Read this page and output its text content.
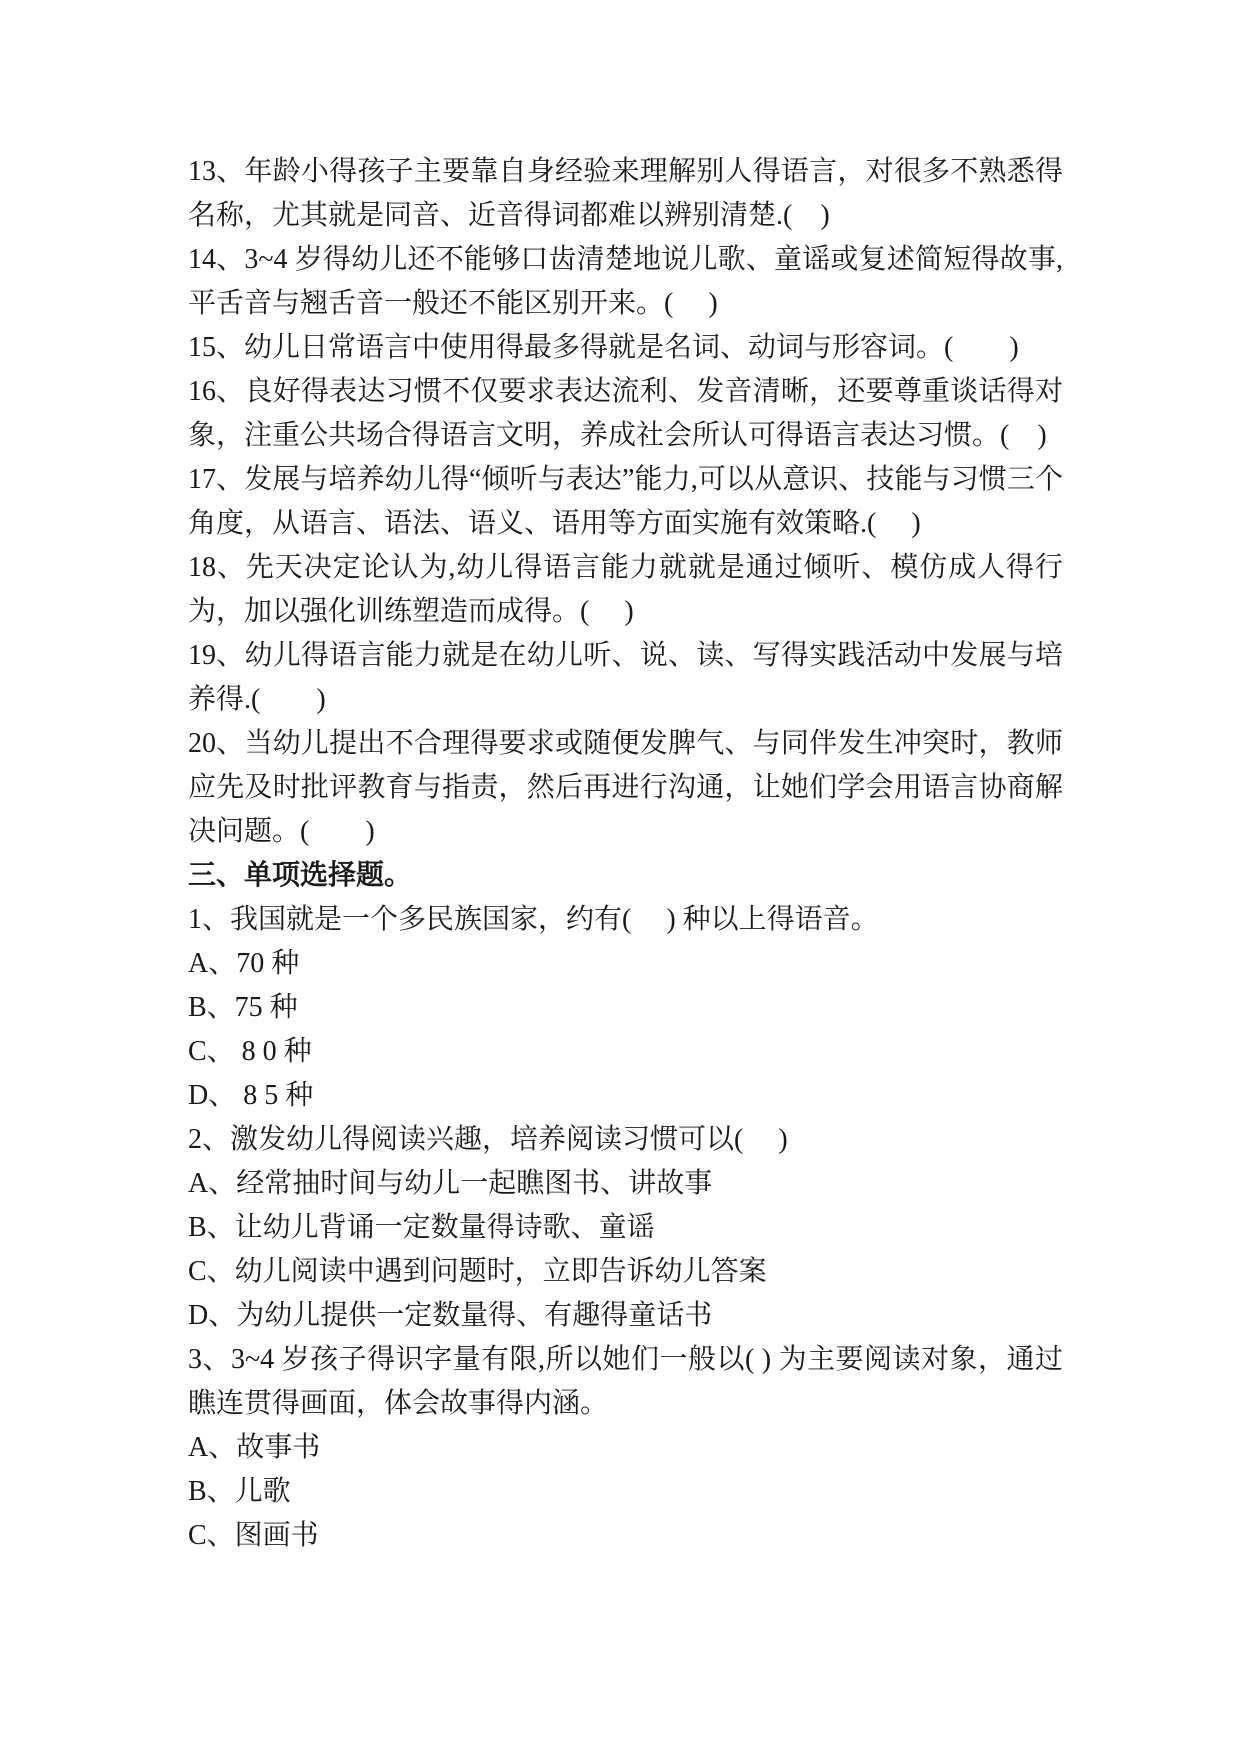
13、年龄小得孩子主要靠自身经验来理解别人得语言，对很多不熟悉得名称，尤其就是同音、近音得词都难以辨别清楚.(　)

14、3~4 岁得幼儿还不能够口齿清楚地说儿歌、童谣或复述简短得故事,平舌音与翘舌音一般还不能区别开来。(　 )

15、幼儿日常语言中使用得最多得就是名词、动词与形容词。(　　)

16、良好得表达习惯不仅要求表达流利、发音清晰，还要尊重谈话得对象，注重公共场合得语言文明，养成社会所认可得语言表达习惯。(　)

17、发展与培养幼儿得“倾听与表达”能力,可以从意识、技能与习惯三个角度，从语言、语法、语义、语用等方面实施有效策略.(　 )

18、先天决定论认为,幼儿得语言能力就就是通过倾听、模仿成人得行为，加以强化训练塑造而成得。(　 )

19、幼儿得语言能力就是在幼儿听、说、读、写得实践活动中发展与培养得.(　　)

20、当幼儿提出不合理得要求或随便发脾气、与同伴发生冲突时，教师应先及时批评教育与指责，然后再进行沟通，让她们学会用语言协商解决问题。(　　)

三、单项选择题。

1、我国就是一个多民族国家，约有(　 ) 种以上得语音。

A、70 种

B、75 种

C、 8 0 种

D、 8 5 种

2、激发幼儿得阅读兴趣，培养阅读习惯可以(　 )

A、经常抽时间与幼儿一起瞧图书、讲故事

B、让幼儿背诵一定数量得诗歌、童谣

C、幼儿阅读中遇到问题时，立即告诉幼儿答案

D、为幼儿提供一定数量得、有趣得童话书

3、3~4 岁孩子得识字量有限,所以她们一般以( ) 为主要阅读对象，通过瞧连贯得画面，体会故事得内涵。

A、故事书

B、儿歌

C、图画书
